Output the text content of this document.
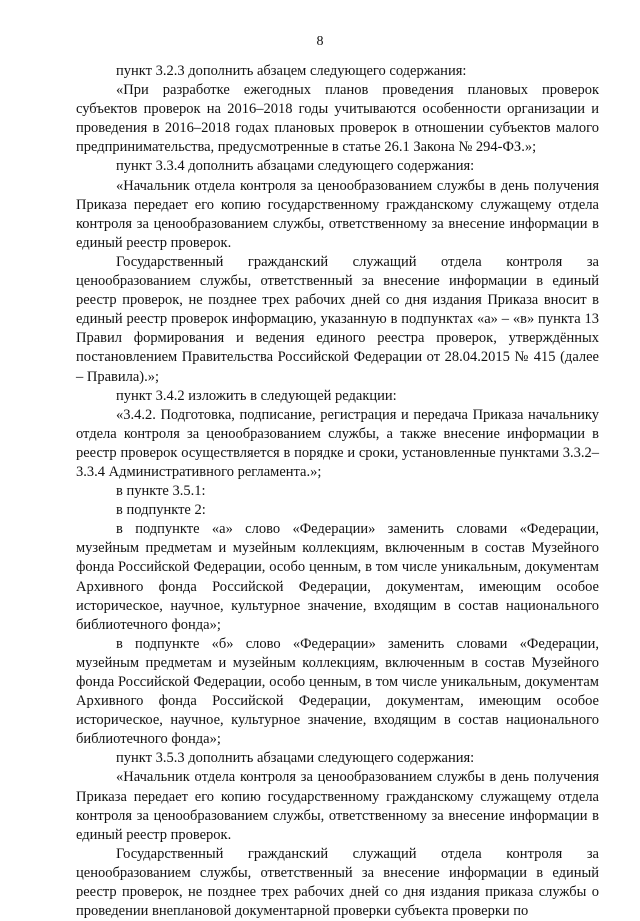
8

пункт 3.2.3 дополнить абзацем следующего содержания:

«При разработке ежегодных планов проведения плановых проверок субъектов проверок на 2016–2018 годы учитываются особенности организации и проведения в 2016–2018 годах плановых проверок в отношении субъектов малого предпринимательства, предусмотренные в статье 26.1 Закона № 294-ФЗ.»;

пункт 3.3.4 дополнить абзацами следующего содержания:

«Начальник отдела контроля за ценообразованием службы в день получения Приказа передает его копию государственному гражданскому служащему отдела контроля за ценообразованием службы, ответственному за внесение информации в единый реестр проверок.

Государственный гражданский служащий отдела контроля за ценообразованием службы, ответственный за внесение информации в единый реестр проверок, не позднее трех рабочих дней со дня издания Приказа вносит в единый реестр проверок информацию, указанную в подпунктах «а» – «в» пункта 13 Правил формирования и ведения единого реестра проверок, утверждённых постановлением Правительства Российской Федерации от 28.04.2015 № 415 (далее – Правила).»;

пункт 3.4.2 изложить в следующей редакции:

«3.4.2. Подготовка, подписание, регистрация и передача Приказа начальнику отдела контроля за ценообразованием службы, а также внесение информации в реестр проверок осуществляется в порядке и сроки, установленные пунктами 3.3.2–3.3.4 Административного регламента.»;

в пункте 3.5.1:

в подпункте 2:

в подпункте «а» слово «Федерации» заменить словами «Федерации, музейным предметам и музейным коллекциям, включенным в состав Музейного фонда Российской Федерации, особо ценным, в том числе уникальным, документам Архивного фонда Российской Федерации, документам, имеющим особое историческое, научное, культурное значение, входящим в состав национального библиотечного фонда»;

в подпункте «б» слово «Федерации» заменить словами «Федерации, музейным предметам и музейным коллекциям, включенным в состав Музейного фонда Российской Федерации, особо ценным, в том числе уникальным, документам Архивного фонда Российской Федерации, документам, имеющим особое историческое, научное, культурное значение, входящим в состав национального библиотечного фонда»;

пункт 3.5.3 дополнить абзацами следующего содержания:

«Начальник отдела контроля за ценообразованием службы в день получения Приказа передает его копию государственному гражданскому служащему отдела контроля за ценообразованием службы, ответственному за внесение информации в единый реестр проверок.

Государственный гражданский служащий отдела контроля за ценообразованием службы, ответственный за внесение информации в единый реестр проверок, не позднее трех рабочих дней со дня издания приказа службы о проведении внеплановой документарной проверки субъекта проверки по
